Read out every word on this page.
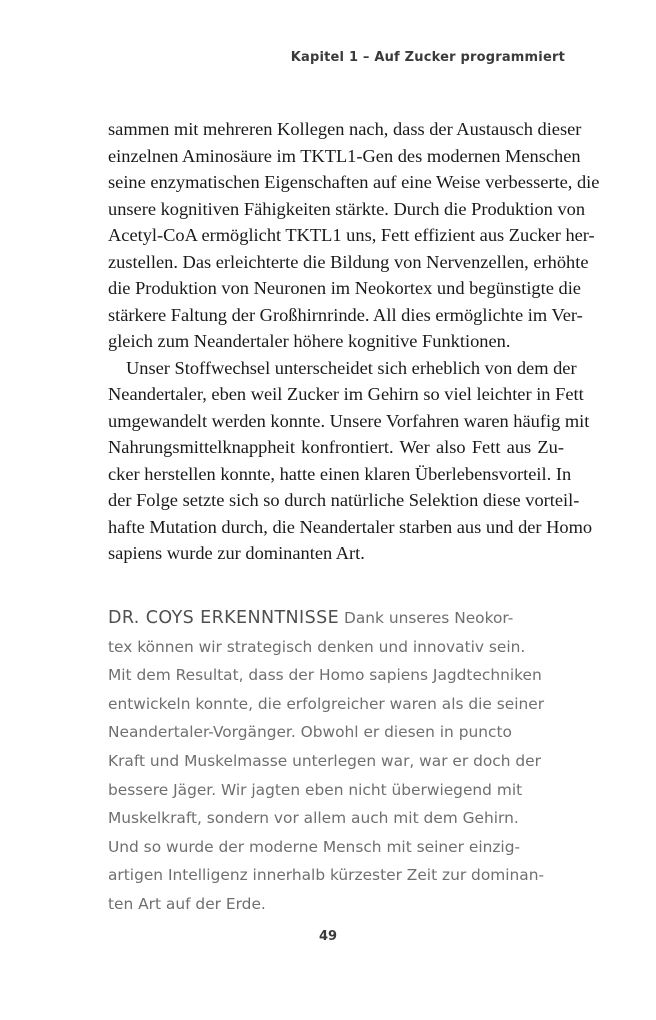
Kapitel 1 – Auf Zucker programmiert
sammen mit mehreren Kollegen nach, dass der Austausch dieser
einzelnen Aminosäure im TKTL1-Gen des modernen Menschen
seine enzymatischen Eigenschaften auf eine Weise verbesserte, die
unsere kognitiven Fähigkeiten stärkte. Durch die Produktion von
Acetyl-CoA ermöglicht TKTL1 uns, Fett effizient aus Zucker her-
zustellen. Das erleichterte die Bildung von Nervenzellen, erhöhte
die Produktion von Neuronen im Neokortex und begünstigte die
stärkere Faltung der Großhirnrinde. All dies ermöglichte im Ver-
gleich zum Neandertaler höhere kognitive Funktionen.
Unser Stoffwechsel unterscheidet sich erheblich von dem der
Neandertaler, eben weil Zucker im Gehirn so viel leichter in Fett
umgewandelt werden konnte. Unsere Vorfahren waren häufig mit
Nahrungsmittelknappheit konfrontiert. Wer also Fett aus Zu-
cker herstellen konnte, hatte einen klaren Überlebensvorteil. In
der Folge setzte sich so durch natürliche Selektion diese vorteil-
hafte Mutation durch, die Neandertaler starben aus und der Homo
sapiens wurde zur dominanten Art.
DR. COYS ERKENNTNISSE Dank unseres Neokor-
tex können wir strategisch denken und innovativ sein.
Mit dem Resultat, dass der Homo sapiens Jagdtechniken
entwickeln konnte, die erfolgreicher waren als die seiner
Neandertaler-Vorgänger. Obwohl er diesen in puncto
Kraft und Muskelmasse unterlegen war, war er doch der
bessere Jäger. Wir jagten eben nicht überwiegend mit
Muskelkraft, sondern vor allem auch mit dem Gehirn.
Und so wurde der moderne Mensch mit seiner einzig-
artigen Intelligenz innerhalb kürzester Zeit zur dominan-
ten Art auf der Erde.
49
